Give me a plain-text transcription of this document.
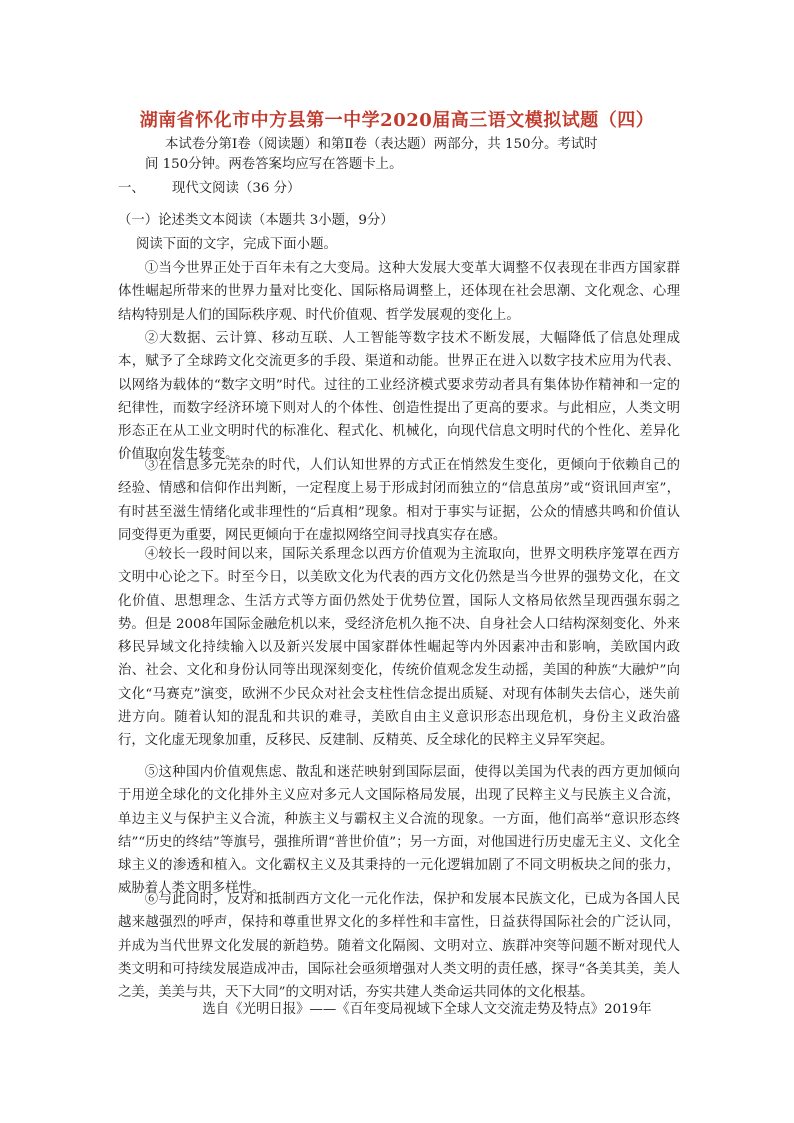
湖南省怀化市中方县第一中学2020届高三语文模拟试题（四）
本试卷分第Ⅰ卷（阅读题）和第Ⅱ卷（表达题）两部分，共 150分。考试时
间 150分钟。两卷答案均应写在答题卡上。
一、 现代文阅读（36 分）
（一）论述类文本阅读（本题共 3小题，9分）
阅读下面的文字，完成下面小题。

①当今世界正处于百年未有之大变局。这种大发展大变革大调整不仅表现在非西方国家群体性崛起所带来的世界力量对比变化、国际格局调整上，还体现在社会思潮、文化观念、心理结构特别是人们的国际秩序观、时代价值观、哲学发展观的变化上。

②大数据、云计算、移动互联、人工智能等数字技术不断发展，大幅降低了信息处理成本，赋予了全球跨文化交流更多的手段、渠道和动能。世界正在进入以数字技术应用为代表、以网络为载体的“数字文明”时代。过往的工业经济模式要求劳动者具有集体协作精神和一定的纪律性，而数字经济环境下则对人的个体性、创造性提出了更高的要求。与此相应，人类文明形态正在从工业文明时代的标准化、程式化、机械化，向现代信息文明时代的个性化、差异化价值取向发生转变。

③在信息多元芜杂的时代，人们认知世界的方式正在悄然发生变化，更倾向于依赖自己的经验、情感和信仰作出判断，一定程度上易于形成封闭而独立的“信息茧房”或“资讯回声室”，有时甚至滋生情绪化或非理性的“后真相”现象。相对于事实与证据，公众的情感共鸣和价值认同变得更为重要，网民更倾向于在虚拟网络空间寻找真实存在感。

④较长一段时间以来，国际关系理念以西方价值观为主流取向，世界文明秩序笼罩在西方文明中心论之下。时至今日，以美欧文化为代表的西方文化仍然是当今世界的强势文化，在文化价值、思想理念、生活方式等方面仍然处于优势位置，国际人文格局依然呈现西强东弱之势。但是 2008年国际金融危机以来，受经济危机久拖不决、自身社会人口结构深刻变化、外来移民异域文化持续输入以及新兴发展中国家群体性崛起等内外因素冲击和影响，美欧国内政治、社会、文化和身份认同等出现深刻变化，传统价值观念发生动摇，美国的种族“大融炉”向文化“马赛克”演变，欧洲不少民众对社会支柱性信念提出质疑、对现有体制失去信心，迷失前进方向。随着认知的混乱和共识的难寻，美欧自由主义意识形态出现危机，身份主义政治盛行，文化虚无现象加重，反移民、反建制、反精英、反全球化的民粹主义异军突起。

⑤这种国内价值观焦虑、散乱和迷茫映射到国际层面，使得以美国为代表的西方更加倾向于用逆全球化的文化排外主义应对多元人文国际格局发展，出现了民粹主义与民族主义合流，单边主义与保护主义合流，种族主义与霸权主义合流的现象。一方面，他们高举“意识形态终结”“历史的终结”等旗号，强推所谓“普世价值”；另一方面，对他国进行历史虚无主义、文化全球主义的渗透和植入。文化霸权主义及其秉持的一元化逻辑加剧了不同文明板块之间的张力，威胁着人类文明多样性。

⑥与此同时，反对和抵制西方文化一元化作法，保护和发展本民族文化，已成为各国人民越来越强烈的呼声，保持和尊重世界文化的多样性和丰富性，日益获得国际社会的广泛认同，并成为当代世界文化发展的新趋势。随着文化隔阂、文明对立、族群冲突等问题不断对现代人类文明和可持续发展造成冲击，国际社会亟须增强对人类文明的责任感，探寻“各美其美，美人之美，美美与共，天下大同”的文明对话，夯实共建人类命运共同体的文化根基。

选自《光明日报》——《百年变局视域下全球人文交流走势及特点》2019年
